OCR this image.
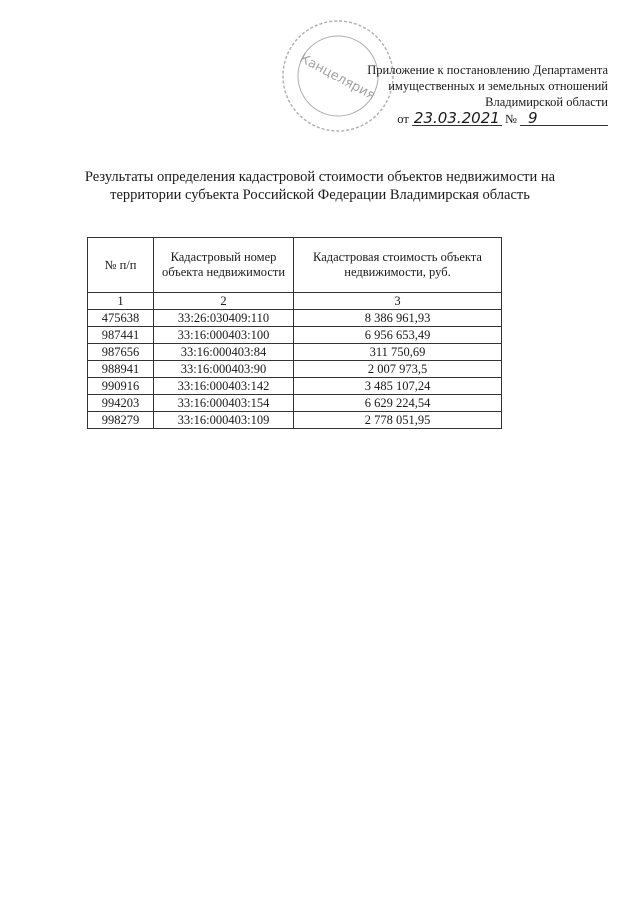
Канцелярия
Приложение к постановлению Департамента
имущественных и земельных отношений
Владимирской области
от 23.03.2021 № 9
Результаты определения кадастровой стоимости объектов недвижимости на
территории субъекта Российской Федерации Владимирская область
№ п/п	Кадастровый номер объекта недвижимости	Кадастровая стоимость объекта недвижимости, руб.
1	2	3
475638	33:26:030409:110	8 386 961,93
987441	33:16:000403:100	6 956 653,49
987656	33:16:000403:84	311 750,69
988941	33:16:000403:90	2 007 973,5
990916	33:16:000403:142	3 485 107,24
994203	33:16:000403:154	6 629 224,54
998279	33:16:000403:109	2 778 051,95
